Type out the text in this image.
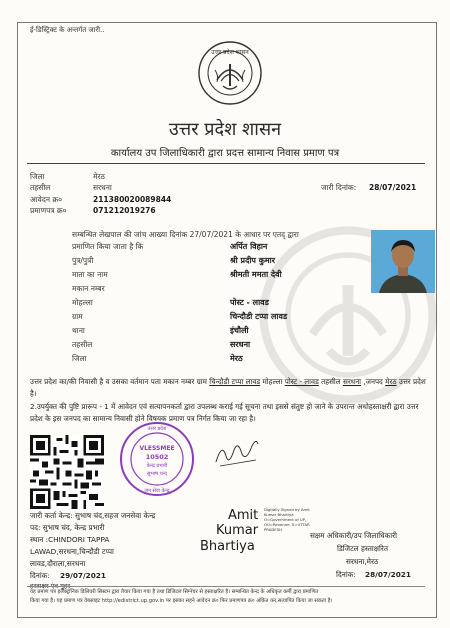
ई-डिस्ट्रिक्ट के अन्तर्गत जारी..
उत्तर प्रदेश शासन
उत्तर प्रदेश शासन
कार्यालय उप जिलाधिकारी द्वारा प्रदत्त सामान्य निवास प्रमाण पत्र
जिला	मेरठ
तहसील	सरधना
आवेदन क्र०	211380020089844
प्रमाणपत्र क्र०	071212019276
जारी दिनांक: 28/07/2021
सम्बन्धित लेखपाल की जांच आख्या दिनांक 27/07/2021 के आधार पर एतद् द्वारा
प्रमाणित किया जाता है कि	अर्पित विहान
पुत्र/पुत्री	श्री प्रदीप कुमार
माता का नाम	श्रीमती ममता देवी
मकान नम्बर
मोहल्ला	पोस्ट - लावड
ग्राम	चिन्दौडी टप्पा लावड
थाना	इंचौली
तहसील	सरधना
जिला	मेरठ
उत्तर प्रदेश का/की निवासी है व उसका वर्तमान पता मकान नम्बर ग्राम चिन्दौडी टप्पा लावड मोहल्ला पोस्ट - लावड तहसील सरधना ,जनपद मेरठ उत्तर प्रदेश है।
2.उपर्युक्त की पुष्टि प्रारूप - 1 में आवेदन एवं सत्यापनकर्ता द्वारा उपलब्ध कराई गई सूचना तथा इससे संतुष्ट हो जाने के उपरान्त अधोहस्ताक्षरी द्वारा उत्तर प्रदेश के इस जनपद का सामान्य निवासी होने विषयक प्रमाण पत्र निर्गत किया जा रहा है।
उत्तर प्रदेश
VLESSMEE
10502
केन्द्र प्रभारी
सुभाष चन्द
जन सेवा केन्द्र
जारी कर्ता केन्द्र: सुभाष चंद,सहज जनसेवा केन्द्र
पद: सुभाष चंद, केन्द्र प्रभारी
स्थान :CHINDORI TAPPA
LAWAD,सरधना,चिन्दौडी टप्पा
लावड,दौराला,सरधना
दिनांक: 29/07/2021
हस्ताक्षर एंव मुहर
Amit
Kumar
Bhartiya
Digitally Signed by Amit
Kumar Bhartiya
O=Government of UP,
OU=Revenue, S=UTTAR
PRADESH
सक्षम अधिकारी/उप जिलाधिकारी
डिजिटल हस्ताक्षरित
सरधना,मेरठ
दिनांक: 28/07/2021
यह प्रमाण पत्र इलेक्ट्रॉनिक डिलिवरी सिस्टम द्वारा तैयार किया गया है तथा डिजिटल सिग्नेचर से हस्ताक्षरित है। सम्बन्धित केन्द्र के अधिकृत कर्मी द्वारा प्रमाणित
किया गया है। यह प्रमाण पत्र वेबसाइट http://edistrict.up.gov.in पर इसका सहने आवेदन क्र० फिर प्रमाणपत्र क्र० अंकित कर,सत्यापित किया जा सकता है।
